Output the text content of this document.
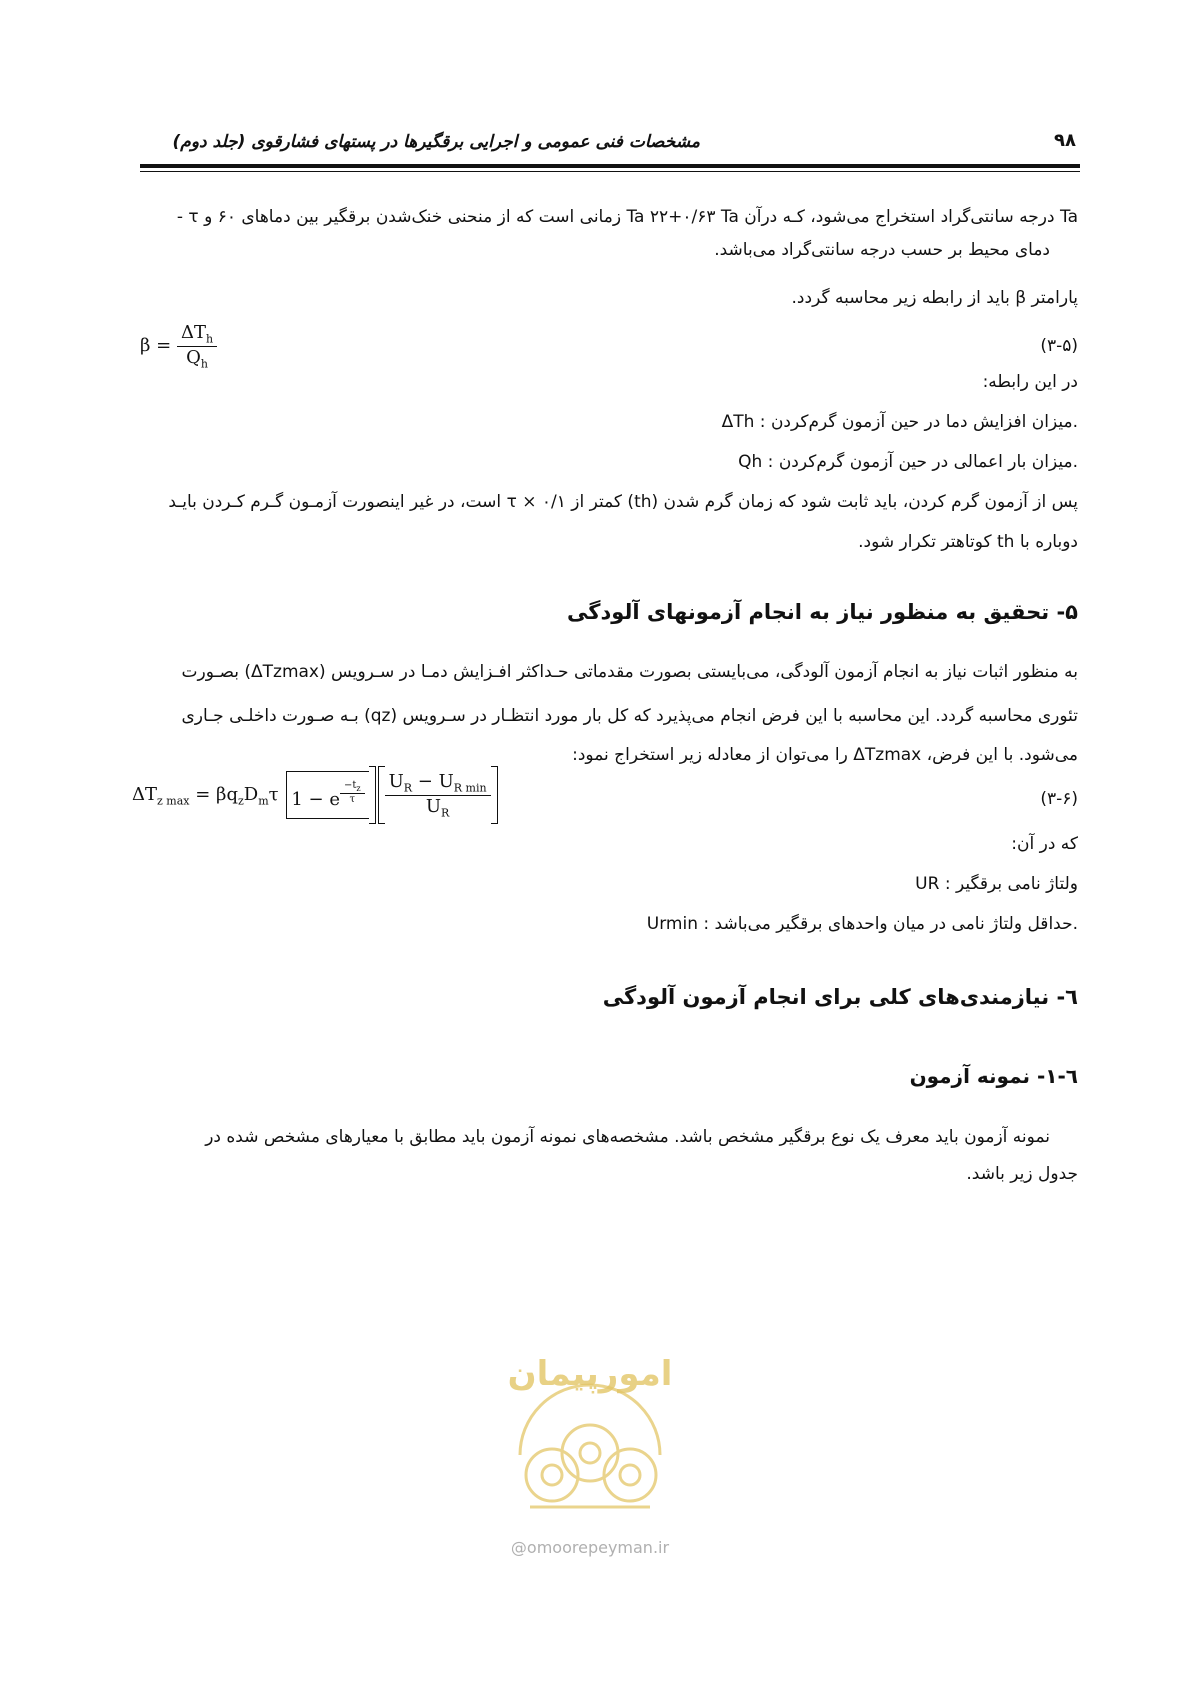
۹۸
مشخصات فنی عمومی و اجرایی برقگیرها در پستهای فشارقوی (جلد دوم)
- τ زمانی است که از منحنی خنک‌شدن برقگیر بین دماهای ۶۰ و Ta ۲۲+۰/۶۳ Ta درجه سانتی‌گراد استخراج می‌شود، کـه درآن Ta
دمای محیط بر حسب درجه سانتی‌گراد می‌باشد.
پارامتر β باید از رابطه زیر محاسبه گردد.
(۳-۵)
$\beta = \frac{\Delta T_h}{Q_h}$
در این رابطه:
ΔTh : میزان افزایش دما در حین آزمون گرم‌کردن.
Qh : میزان بار اعمالی در حین آزمون گرم‌کردن.
پس از آزمون گرم کردن، باید ثابت شود که زمان گرم شدن (th) کمتر از τ × ۰/۱ است، در غیر اینصورت آزمـون گـرم کـردن بایـد
دوباره با th کوتاهتر تکرار شود.
۵- تحقیق به منظور نیاز به انجام آزمونهای آلودگی
به منظور اثبات نیاز به انجام آزمون آلودگی، می‌بایستی بصورت مقدماتی حـداکثر افـزایش دمـا در سـرویس (ΔTzmax) بصـورت
تئوری محاسبه گردد. این محاسبه با این فرض انجام می‌پذیرد که کل بار مورد انتظـار در سـرویس (qz) بـه صـورت داخلـی جـاری
می‌شود. با این فرض، ΔTzmax را می‌توان از معادله زیر استخراج نمود:
(۳-۶)
$\Delta T_{z max} = \beta q_zD_m\tau$ 1 − e $^{\frac{-t_z}{\tau}} \frac{U_R - U_{R min}}{U_R}$
که در آن:
UR : ولتاژ نامی برقگیر
Urmin : حداقل ولتاژ نامی در میان واحدهای برقگیر می‌باشد.
٦- نیازمندی‌های کلی برای انجام آزمون آلودگی
٦-١- نمونه آزمون
نمونه آزمون باید معرف یک نوع برقگیر مشخص باشد. مشخصه‌های نمونه آزمون باید مطابق با معیارهای مشخص شده در
جدول زیر باشد.
امورپیمان
@omoorepeyman.ir
